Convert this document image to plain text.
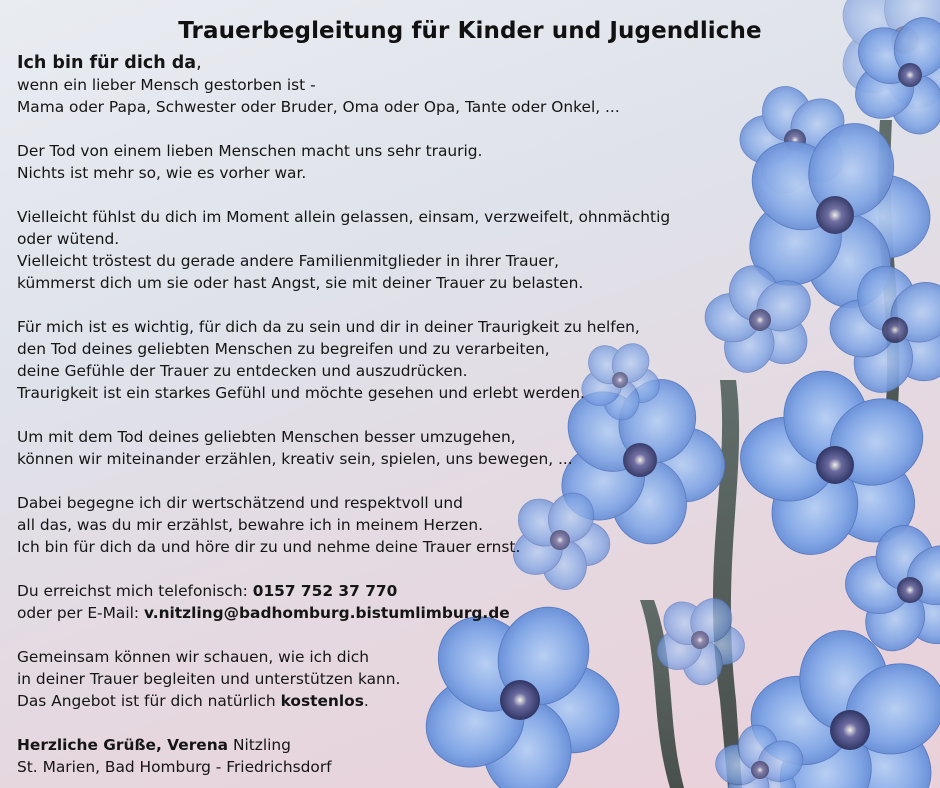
Trauerbegleitung für Kinder und Jugendliche

Ich bin für dich da,

wenn ein lieber Mensch gestorben ist -

Mama oder Papa, Schwester oder Bruder, Oma oder Opa, Tante oder Onkel, ...

Der Tod von einem lieben Menschen macht uns sehr traurig.

Nichts ist mehr so, wie es vorher war.

Vielleicht fühlst du dich im Moment allein gelassen, einsam, verzweifelt, ohnmächtig

oder wütend.

Vielleicht tröstest du gerade andere Familienmitglieder in ihrer Trauer,

kümmerst dich um sie oder hast Angst, sie mit deiner Trauer zu belasten.

Für mich ist es wichtig, für dich da zu sein und dir in deiner Traurigkeit zu helfen,

den Tod deines geliebten Menschen zu begreifen und zu verarbeiten,

deine Gefühle der Trauer zu entdecken und auszudrücken.

Traurigkeit ist ein starkes Gefühl und möchte gesehen und erlebt werden.

Um mit dem Tod deines geliebten Menschen besser umzugehen,

können wir miteinander erzählen, kreativ sein, spielen, uns bewegen, ...

Dabei begegne ich dir wertschätzend und respektvoll und

all das, was du mir erzählst, bewahre ich in meinem Herzen.

Ich bin für dich da und höre dir zu und nehme deine Trauer ernst.

Du erreichst mich telefonisch: 0157 752 37 770

oder per E-Mail: v.nitzling@badhomburg.bistumlimburg.de

Gemeinsam können wir schauen, wie ich dich

in deiner Trauer begleiten und unterstützen kann.

Das Angebot ist für dich natürlich kostenlos.

Herzliche Grüße, Verena Nitzling

St. Marien, Bad Homburg - Friedrichsdorf
